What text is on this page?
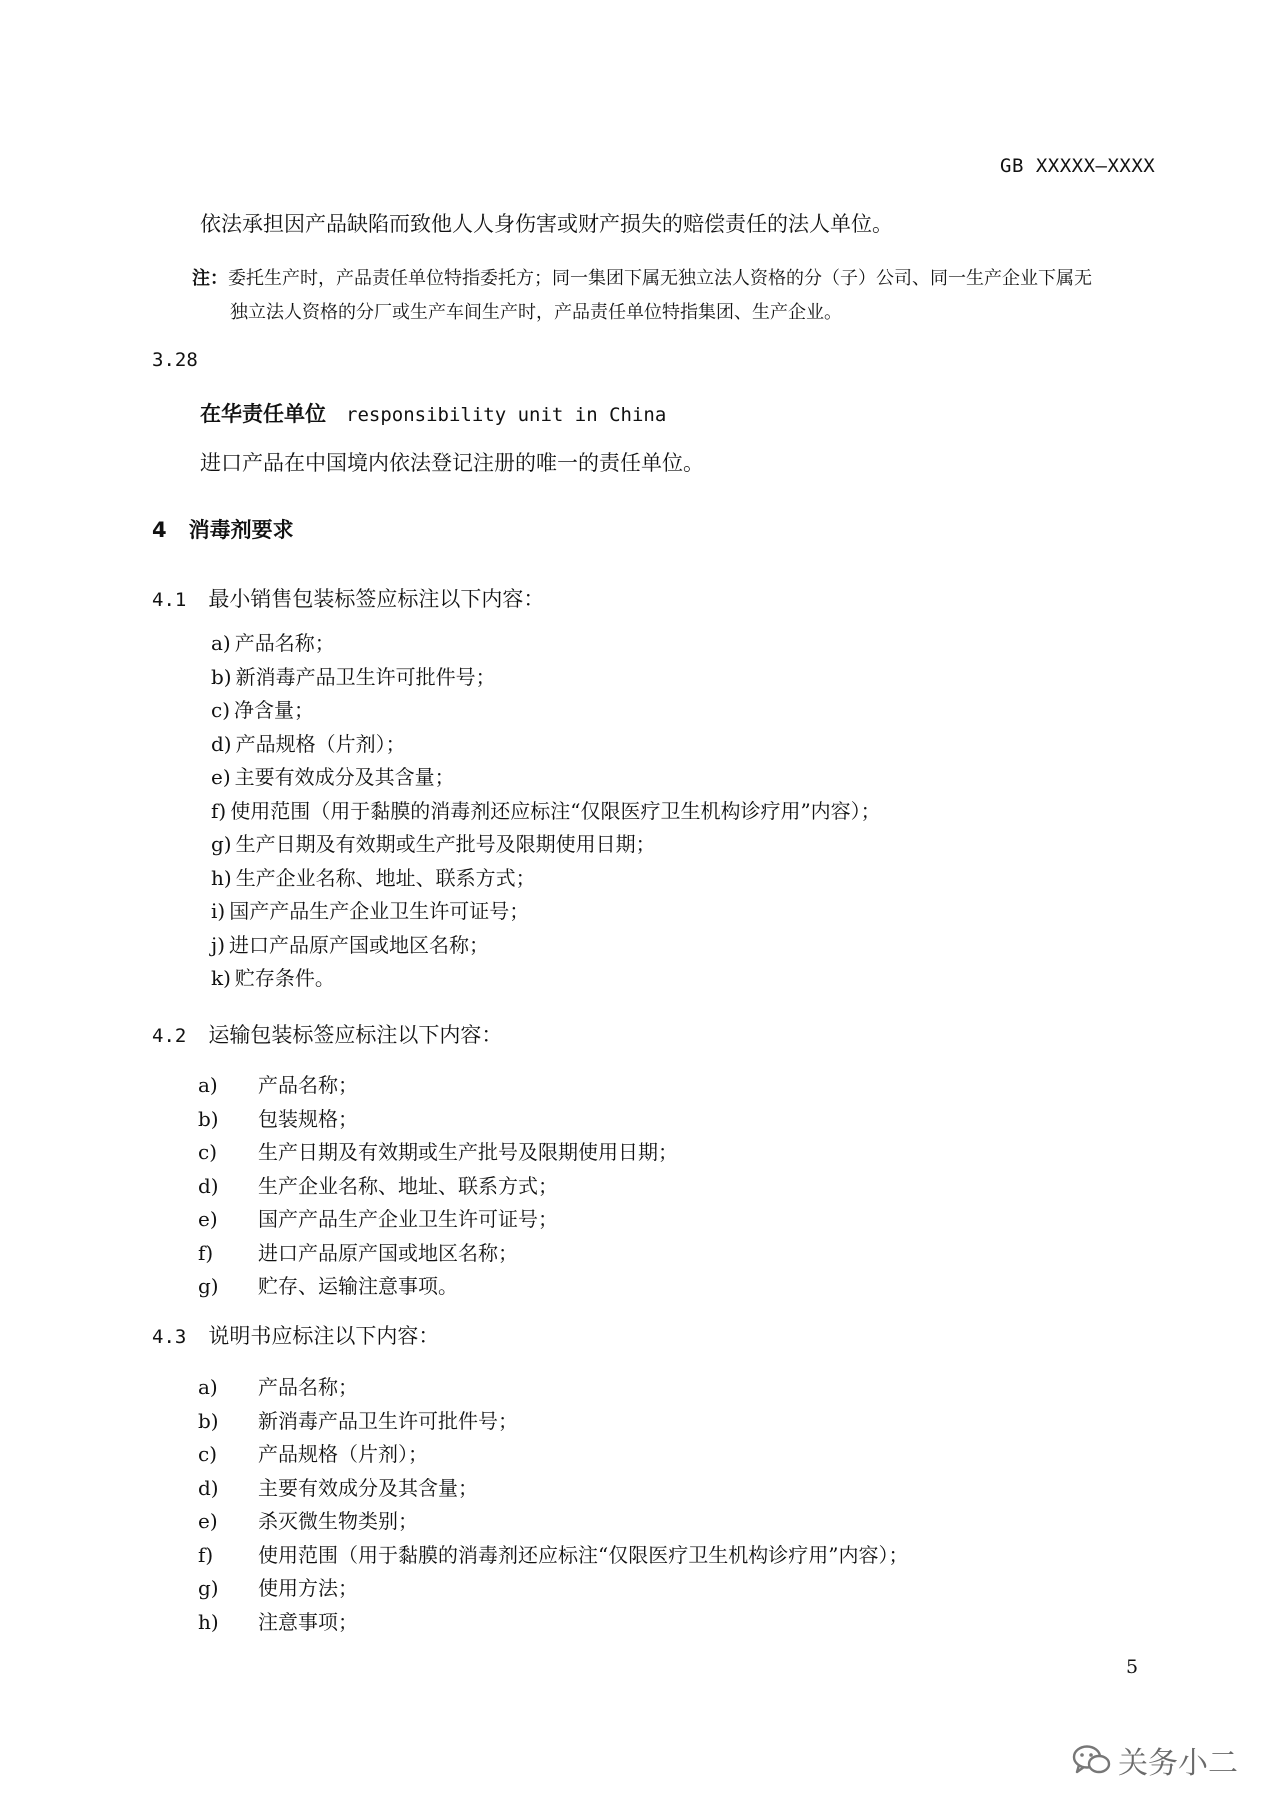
GB XXXXX—XXXX
依法承担因产品缺陷而致他人人身伤害或财产损失的赔偿责任的法人单位。
注：委托生产时，产品责任单位特指委托方；同一集团下属无独立法人资格的分（子）公司、同一生产企业下属无
独立法人资格的分厂或生产车间生产时，产品责任单位特指集团、生产企业。
3.28
在华责任单位 responsibility unit in China
进口产品在中国境内依法登记注册的唯一的责任单位。
4 消毒剂要求
4.1 最小销售包装标签应标注以下内容：
a) 产品名称；
b) 新消毒产品卫生许可批件号；
c) 净含量；
d) 产品规格（片剂）；
e) 主要有效成分及其含量；
f) 使用范围（用于黏膜的消毒剂还应标注“仅限医疗卫生机构诊疗用”内容）；
g) 生产日期及有效期或生产批号及限期使用日期；
h) 生产企业名称、地址、联系方式；
i) 国产产品生产企业卫生许可证号；
j) 进口产品原产国或地区名称；
k) 贮存条件。
4.2 运输包装标签应标注以下内容：
a) 产品名称；
b) 包装规格；
c) 生产日期及有效期或生产批号及限期使用日期；
d) 生产企业名称、地址、联系方式；
e) 国产产品生产企业卫生许可证号；
f) 进口产品原产国或地区名称；
g) 贮存、运输注意事项。
4.3 说明书应标注以下内容：
a) 产品名称；
b) 新消毒产品卫生许可批件号；
c) 产品规格（片剂）；
d) 主要有效成分及其含量；
e) 杀灭微生物类别；
f) 使用范围（用于黏膜的消毒剂还应标注“仅限医疗卫生机构诊疗用”内容）；
g) 使用方法；
h) 注意事项；
5
关务小二
